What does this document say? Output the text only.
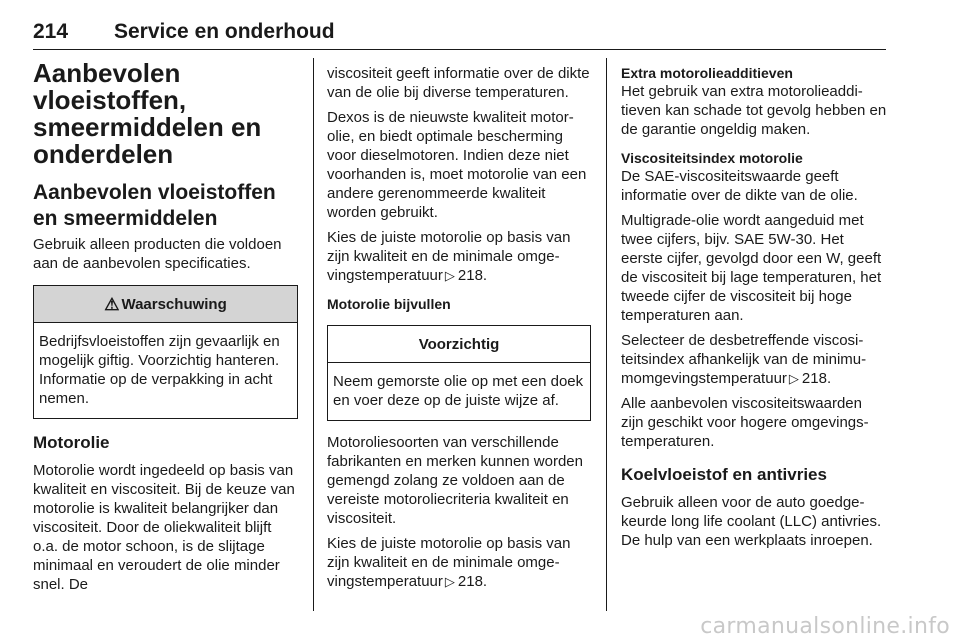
214 Service en onderhoud
Aanbevolen vloeistoffen, smeermiddelen en onderdelen
Aanbevolen vloeistoffen en smeermiddelen

Gebruik alleen producten die voldoen aan de aanbevolen specificaties.

⚠ Waarschuwing
Bedrijfsvloeistoffen zijn gevaarlijk en mogelijk giftig. Voorzichtig hanteren. Informatie op de verpakking in acht nemen.
Motorolie

Motorolie wordt ingedeeld op basis van kwaliteit en viscositeit. Bij de keuze van motorolie is kwaliteit belangrijker dan viscositeit. Door de oliekwaliteit blijft o.a. de motor schoon, is de slijtage minimaal en veroudert de olie minder snel. De

viscositeit geeft informatie over de dikte van de olie bij diverse temperaturen.

Dexos is de nieuwste kwaliteit motorolie, en biedt optimale bescherming voor dieselmotoren. Indien deze niet voorhanden is, moet motorolie van een andere gerenommeerde kwaliteit worden gebruikt.

Kies de juiste motorolie op basis van zijn kwaliteit en de minimale omgevingstemperatuur ▷ 218.

Motorolie bijvullen
Voorzichtig
Neem gemorste olie op met een doek en voer deze op de juiste wijze af.

Motoroliesoorten van verschillende fabrikanten en merken kunnen worden gemengd zolang ze voldoen aan de vereiste motoroliecriteria kwaliteit en viscositeit.

Kies de juiste motorolie op basis van zijn kwaliteit en de minimale omgevingstemperatuur ▷ 218.

Extra motorolieadditieven

Het gebruik van extra motorolieadditieven kan schade tot gevolg hebben en de garantie ongeldig maken.

Viscositeitsindex motorolie

De SAE-viscositeitswaarde geeft informatie over de dikte van de olie.

Multigrade-olie wordt aangeduid met twee cijfers, bijv. SAE 5W-30. Het eerste cijfer, gevolgd door een W, geeft de viscositeit bij lage temperaturen, het tweede cijfer de viscositeit bij hoge temperaturen aan.

Selecteer de desbetreffende viscositeitsindex afhankelijk van de minimumomgevingstemperatuur ▷ 218.

Alle aanbevolen viscositeitswaarden zijn geschikt voor hogere omgevingstemperaturen.

Koelvloeistof en antivries

Gebruik alleen voor de auto goedgekeurde long life coolant (LLC) antivries. De hulp van een werkplaats inroepen.

carmanualsonline.info
